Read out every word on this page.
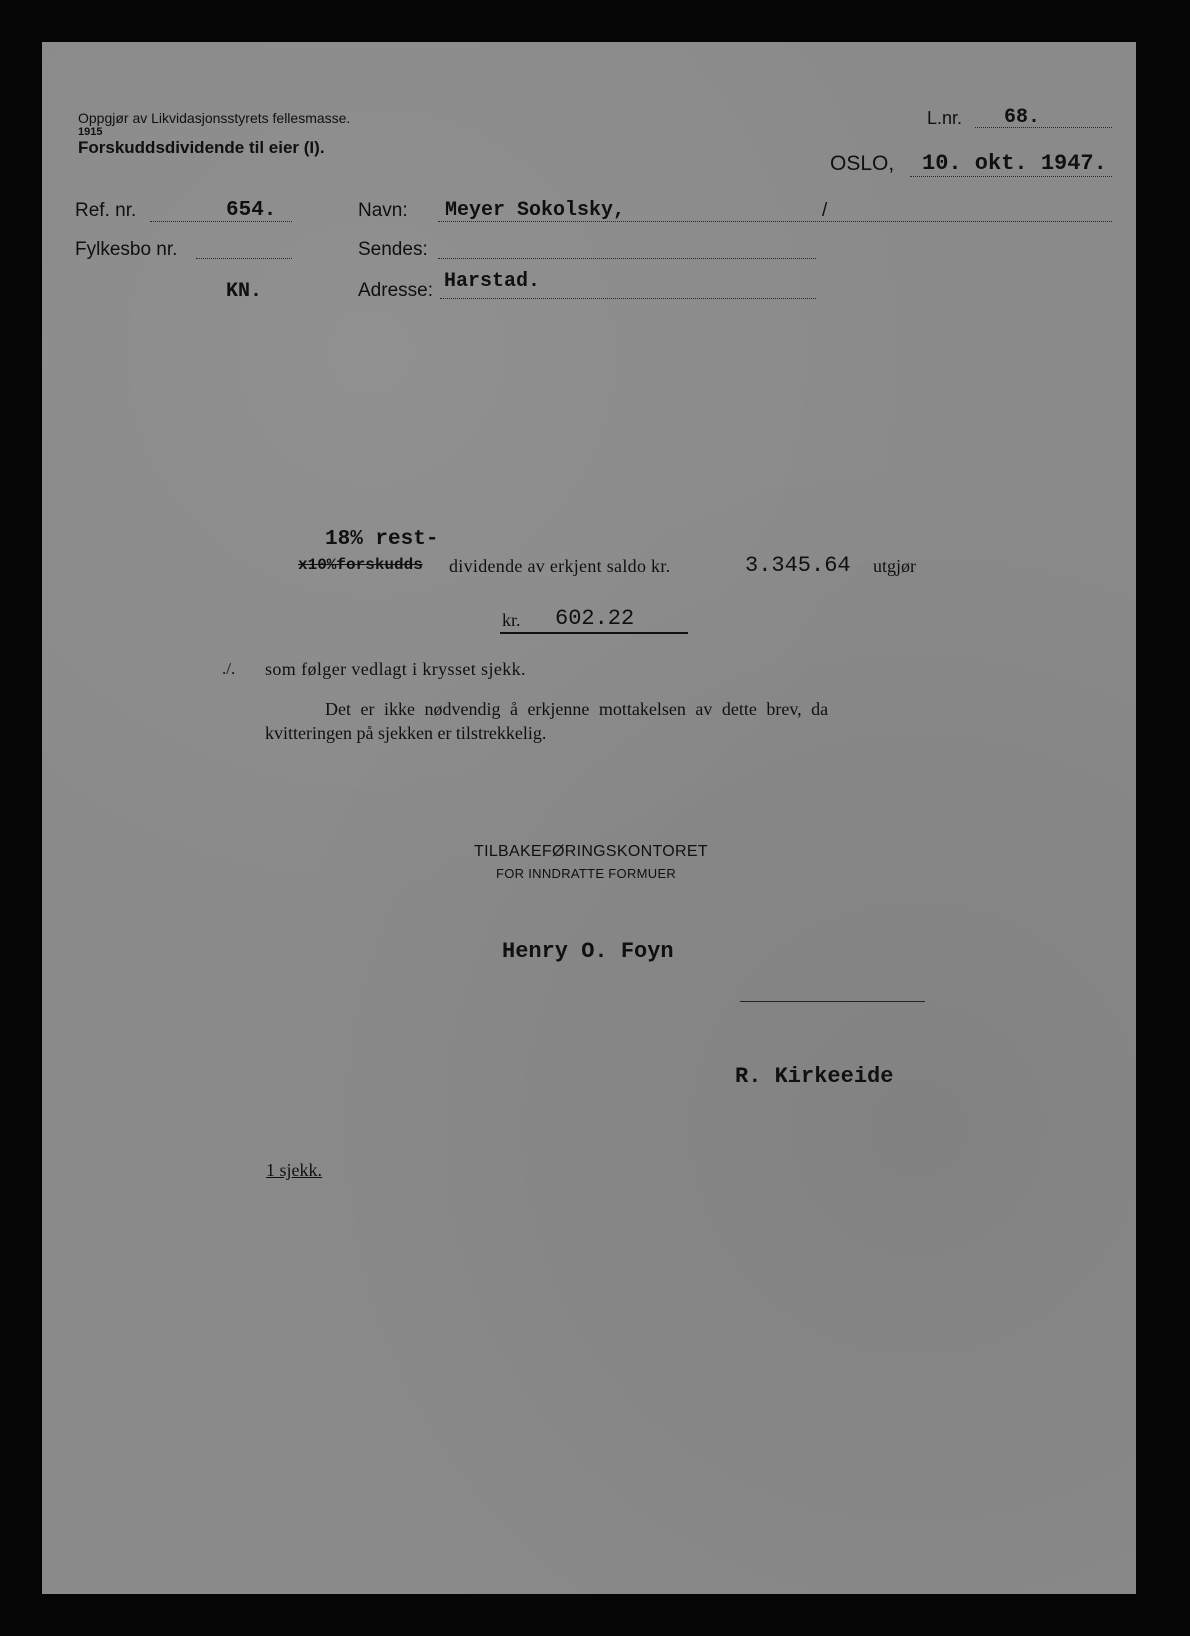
Oppgjør av Likvidasjonsstyrets fellesmasse.
1915
Forskuddsdividende til eier (I).
L.nr. 68.
OSLO, 10. okt. 1947.
Ref. nr.	654.	Navn: Meyer Sokolsky,	/
Fylkesbo nr.	Sendes:
KN.	Adresse: Harstad.
18% rest-
x10%forskudds dividende av erkjent saldo kr.	3.345.64 utgjør
kr. 602.22
./. som følger vedlagt i krysset sjekk.
Det er ikke nødvendig å erkjenne mottakelsen av dette brev, da
kvitteringen på sjekken er tilstrekkelig.
TILBAKEFØRINGSKONTORET
FOR INNDRATTE FORMUER
Henry O. Foyn
R. Kirkeeide
1 sjekk.
